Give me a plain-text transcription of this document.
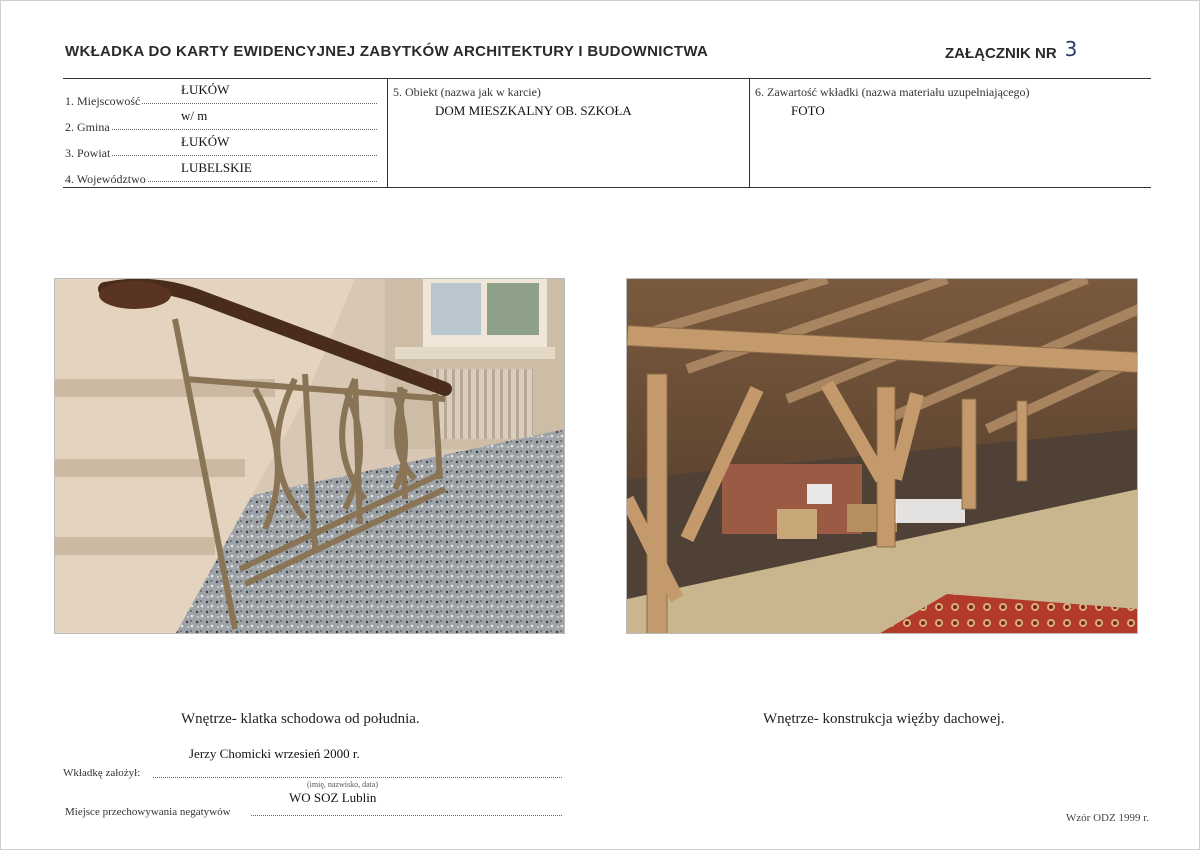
WKŁADKA DO KARTY EWIDENCYJNEJ ZABYTKÓW ARCHITEKTURY I BUDOWNICTWA	ZAŁĄCZNIK NR 3
1. Miejscowość
ŁUKÓW
2. Gmina
w/ m
3. Powiat
ŁUKÓW
4. Województwo
LUBELSKIE
5. Obiekt (nazwa jak w karcie)
DOM MIESZKALNY OB. SZKOŁA
6. Zawartość wkładki (nazwa materiału uzupełniającego)
FOTO
Wnętrze- klatka schodowa od południa.	Wnętrze- konstrukcja więźby dachowej.
Jerzy Chomicki wrzesień 2000 r.
Wkładkę założył:
(imię, nazwisko, data)
WO SOZ Lublin
Miejsce przechowywania negatywów	Wzór ODZ 1999 r.
